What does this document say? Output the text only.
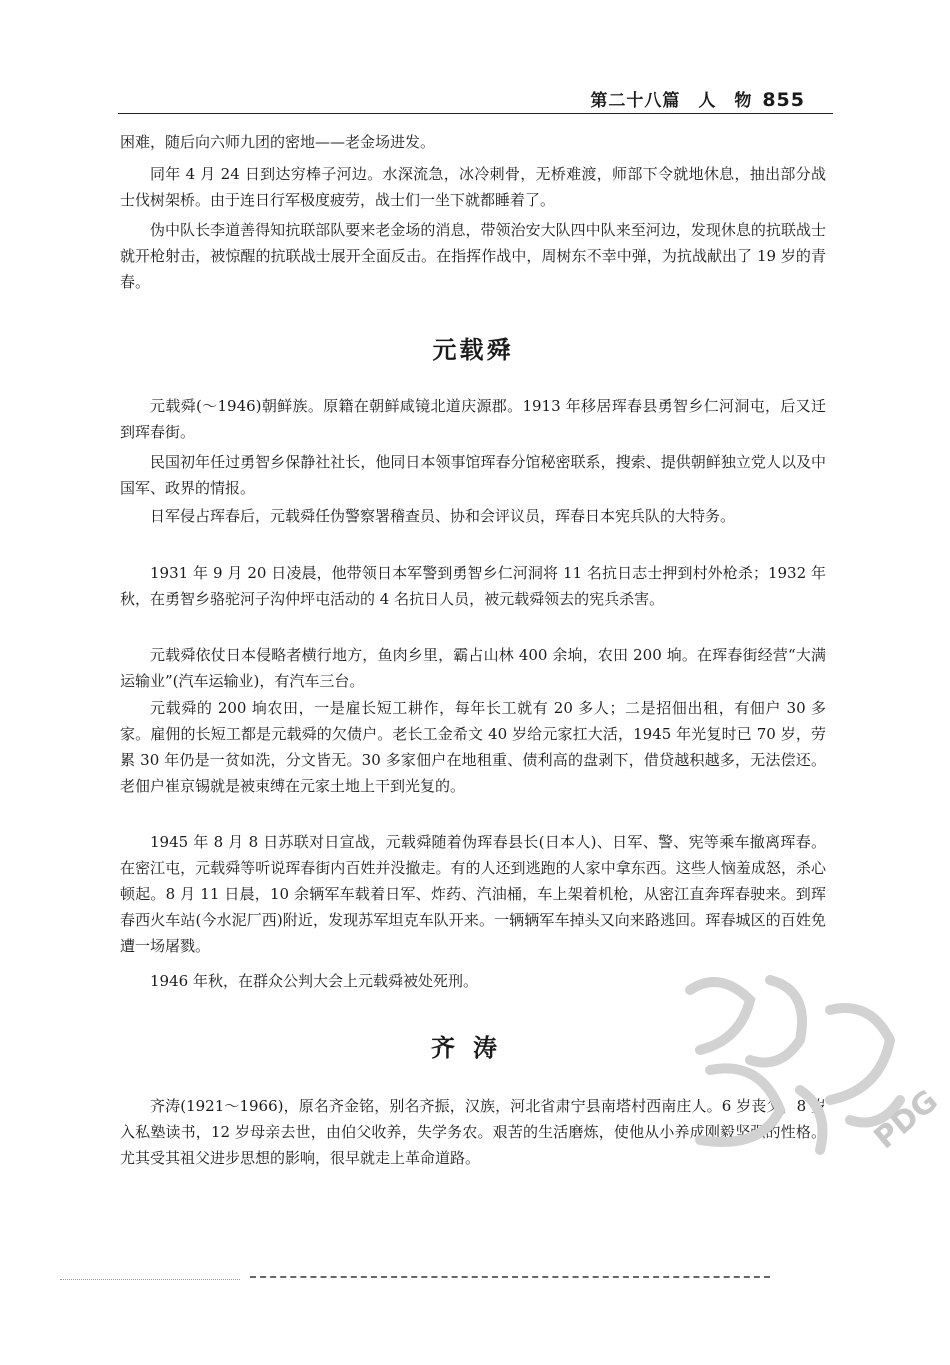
第二十八篇　人　物 855

困难，随后向六师九团的密地——老金场进发。

同年 4 月 24 日到达穷棒子河边。水深流急，冰冷刺骨，无桥难渡，师部下令就地休息，抽出部分战士伐树架桥。由于连日行军极度疲劳，战士们一坐下就都睡着了。

伪中队长李道善得知抗联部队要来老金场的消息，带领治安大队四中队来至河边，发现休息的抗联战士就开枪射击，被惊醒的抗联战士展开全面反击。在指挥作战中，周树东不幸中弹，为抗战献出了 19 岁的青春。

元载舜

元载舜(～1946)朝鲜族。原籍在朝鲜咸镜北道庆源郡。1913 年移居珲春县勇智乡仁河洞屯，后又迁到珲春街。

民国初年任过勇智乡保静社社长，他同日本领事馆珲春分馆秘密联系，搜索、提供朝鲜独立党人以及中国军、政界的情报。

日军侵占珲春后，元载舜任伪警察署稽查员、协和会评议员，珲春日本宪兵队的大特务。

1931 年 9 月 20 日凌晨，他带领日本军警到勇智乡仁河洞将 11 名抗日志士押到村外枪杀；1932 年秋，在勇智乡骆驼河子沟仲坪屯活动的 4 名抗日人员，被元载舜领去的宪兵杀害。

元载舜依仗日本侵略者横行地方，鱼肉乡里，霸占山林 400 余垧，农田 200 垧。在珲春街经营“大满运输业”(汽车运输业)，有汽车三台。

元载舜的 200 垧农田，一是雇长短工耕作，每年长工就有 20 多人；二是招佃出租，有佃户 30 多家。雇佣的长短工都是元载舜的欠债户。老长工金希文 40 岁给元家扛大活，1945 年光复时已 70 岁，劳累 30 年仍是一贫如洗，分文皆无。30 多家佃户在地租重、债利高的盘剥下，借贷越积越多，无法偿还。老佃户崔京锡就是被束缚在元家土地上干到光复的。

1945 年 8 月 8 日苏联对日宣战，元载舜随着伪珲春县长(日本人)、日军、警、宪等乘车撤离珲春。在密江屯，元载舜等听说珲春街内百姓并没撤走。有的人还到逃跑的人家中拿东西。这些人恼羞成怒，杀心顿起。8 月 11 日晨，10 余辆军车载着日军、炸药、汽油桶，车上架着机枪，从密江直奔珲春驶来。到珲春西火车站(今水泥厂西)附近，发现苏军坦克车队开来。一辆辆军车掉头又向来路逃回。珲春城区的百姓免遭一场屠戮。

1946 年秋，在群众公判大会上元载舜被处死刑。

齐涛

齐涛(1921～1966)，原名齐金铭，别名齐振，汉族，河北省肃宁县南塔村西南庄人。6 岁丧父，8 岁入私塾读书，12 岁母亲去世，由伯父收养，失学务农。艰苦的生活磨炼，使他从小养成刚毅坚强的性格。尤其受其祖父进步思想的影响，很早就走上革命道路。

PDG
